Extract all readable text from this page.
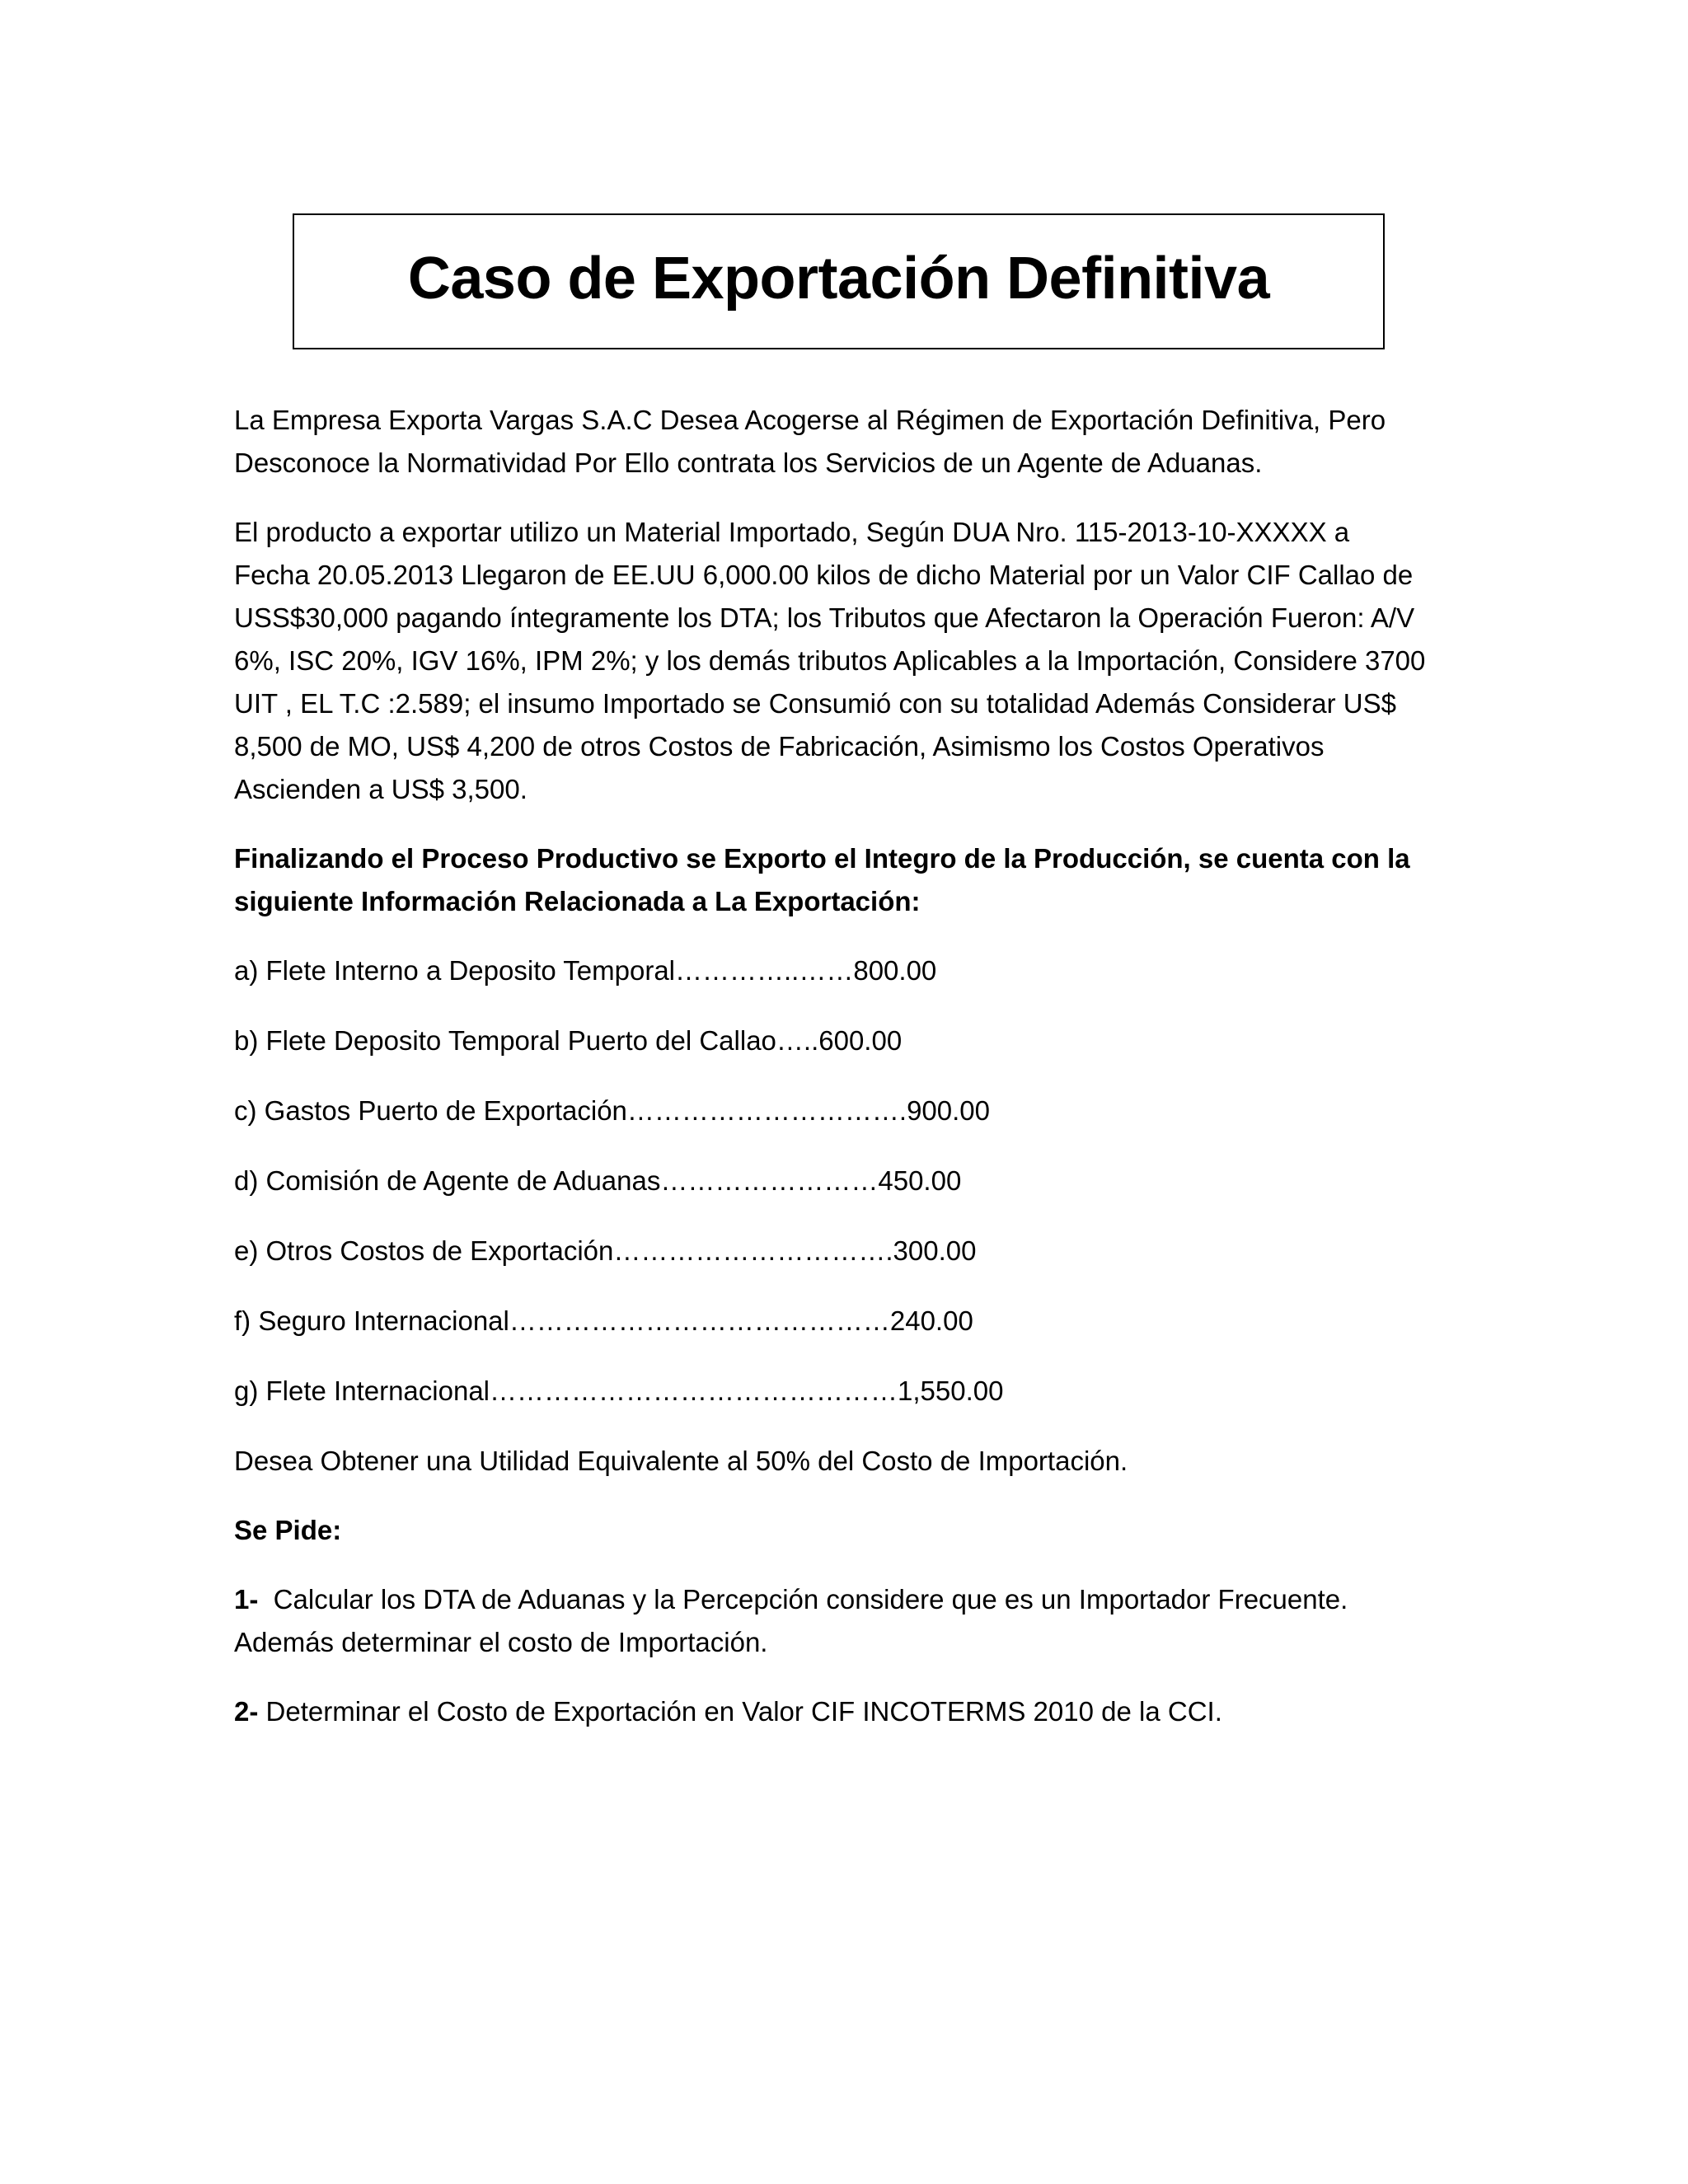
Caso de Exportación Definitiva

La Empresa Exporta Vargas S.A.C Desea Acogerse al Régimen de Exportación Definitiva, Pero
Desconoce la Normatividad Por Ello contrata los Servicios de un Agente de Aduanas.

El producto a exportar utilizo un Material Importado, Según DUA Nro. 115-2013-10-XXXXX a
Fecha 20.05.2013 Llegaron de EE.UU 6,000.00 kilos de dicho Material por un Valor CIF Callao de
USS$30,000 pagando íntegramente los DTA; los Tributos que Afectaron la Operación Fueron: A/V
6%, ISC 20%, IGV 16%, IPM 2%; y los demás tributos Aplicables a la Importación, Considere 3700
UIT , EL T.C :2.589; el insumo Importado se Consumió con su totalidad Además Considerar US$
8,500 de MO, US$ 4,200 de otros Costos de Fabricación, Asimismo los Costos Operativos
Ascienden a US$ 3,500.

Finalizando el Proceso Productivo se Exporto el Integro de la Producción, se cuenta con la
siguiente Información Relacionada a La Exportación:

a) Flete Interno a Deposito Temporal…………..……800.00
b) Flete Deposito Temporal Puerto del Callao…..600.00
c) Gastos Puerto de Exportación………………………….900.00
d) Comisión de Agente de Aduanas……………………450.00
e) Otros Costos de Exportación………………………….300.00
f) Seguro Internacional……………………………………240.00
g) Flete Internacional………………………………………1,550.00

Desea Obtener una Utilidad Equivalente al 50% del Costo de Importación.

Se Pide:

1-  Calcular los DTA de Aduanas y la Percepción considere que es un Importador Frecuente.
Además determinar el costo de Importación.

2- Determinar el Costo de Exportación en Valor CIF INCOTERMS 2010 de la CCI.
